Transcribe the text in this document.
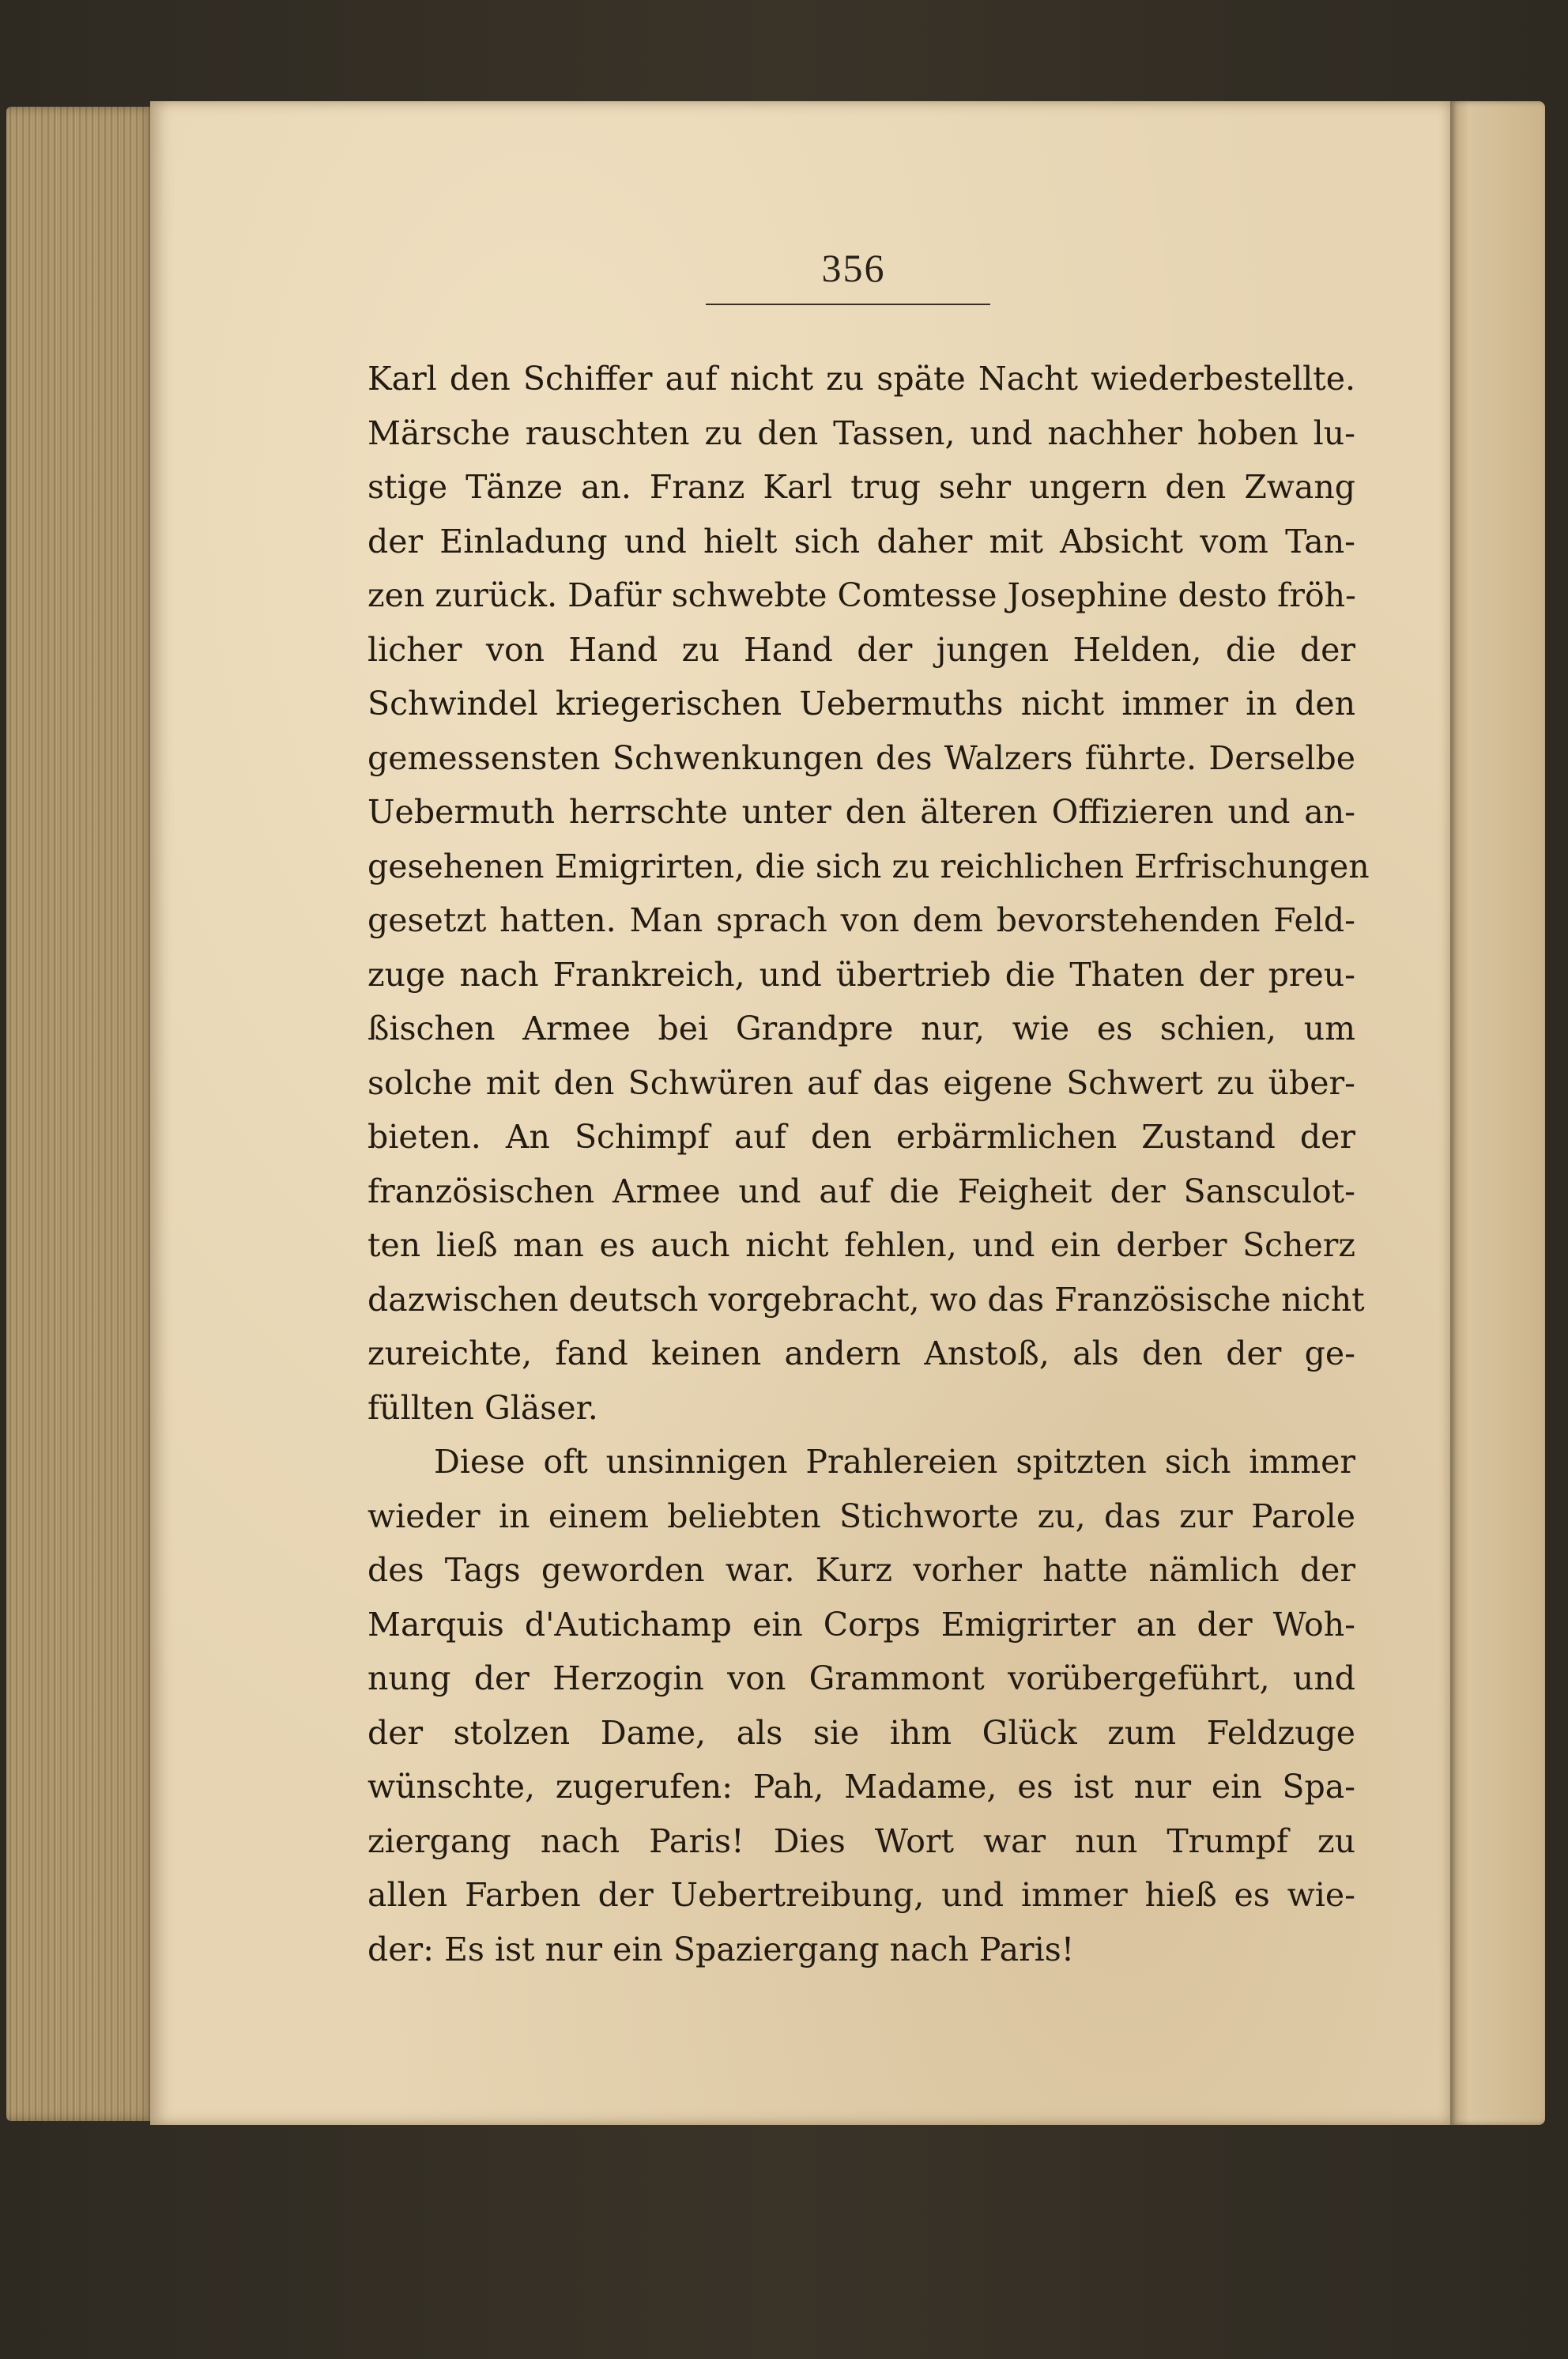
356
Karl den Schiffer auf nicht zu späte Nacht wiederbestellte.
Märsche rauschten zu den Tassen, und nachher hoben lu-
stige Tänze an. Franz Karl trug sehr ungern den Zwang
der Einladung und hielt sich daher mit Absicht vom Tan-
zen zurück. Dafür schwebte Comtesse Josephine desto fröh-
licher von Hand zu Hand der jungen Helden, die der
Schwindel kriegerischen Uebermuths nicht immer in den
gemessensten Schwenkungen des Walzers führte. Derselbe
Uebermuth herrschte unter den älteren Offizieren und an-
gesehenen Emigrirten, die sich zu reichlichen Erfrischungen
gesetzt hatten. Man sprach von dem bevorstehenden Feld-
zuge nach Frankreich, und übertrieb die Thaten der preu-
ßischen Armee bei Grandpre nur, wie es schien, um
solche mit den Schwüren auf das eigene Schwert zu über-
bieten. An Schimpf auf den erbärmlichen Zustand der
französischen Armee und auf die Feigheit der Sansculot-
ten ließ man es auch nicht fehlen, und ein derber Scherz
dazwischen deutsch vorgebracht, wo das Französische nicht
zureichte, fand keinen andern Anstoß, als den der ge-
füllten Gläser.
Diese oft unsinnigen Prahlereien spitzten sich immer
wieder in einem beliebten Stichworte zu, das zur Parole
des Tags geworden war. Kurz vorher hatte nämlich der
Marquis d'Autichamp ein Corps Emigrirter an der Woh-
nung der Herzogin von Grammont vorübergeführt, und
der stolzen Dame, als sie ihm Glück zum Feldzuge
wünschte, zugerufen: Pah, Madame, es ist nur ein Spa-
ziergang nach Paris! Dies Wort war nun Trumpf zu
allen Farben der Uebertreibung, und immer hieß es wie-
der: Es ist nur ein Spaziergang nach Paris!
